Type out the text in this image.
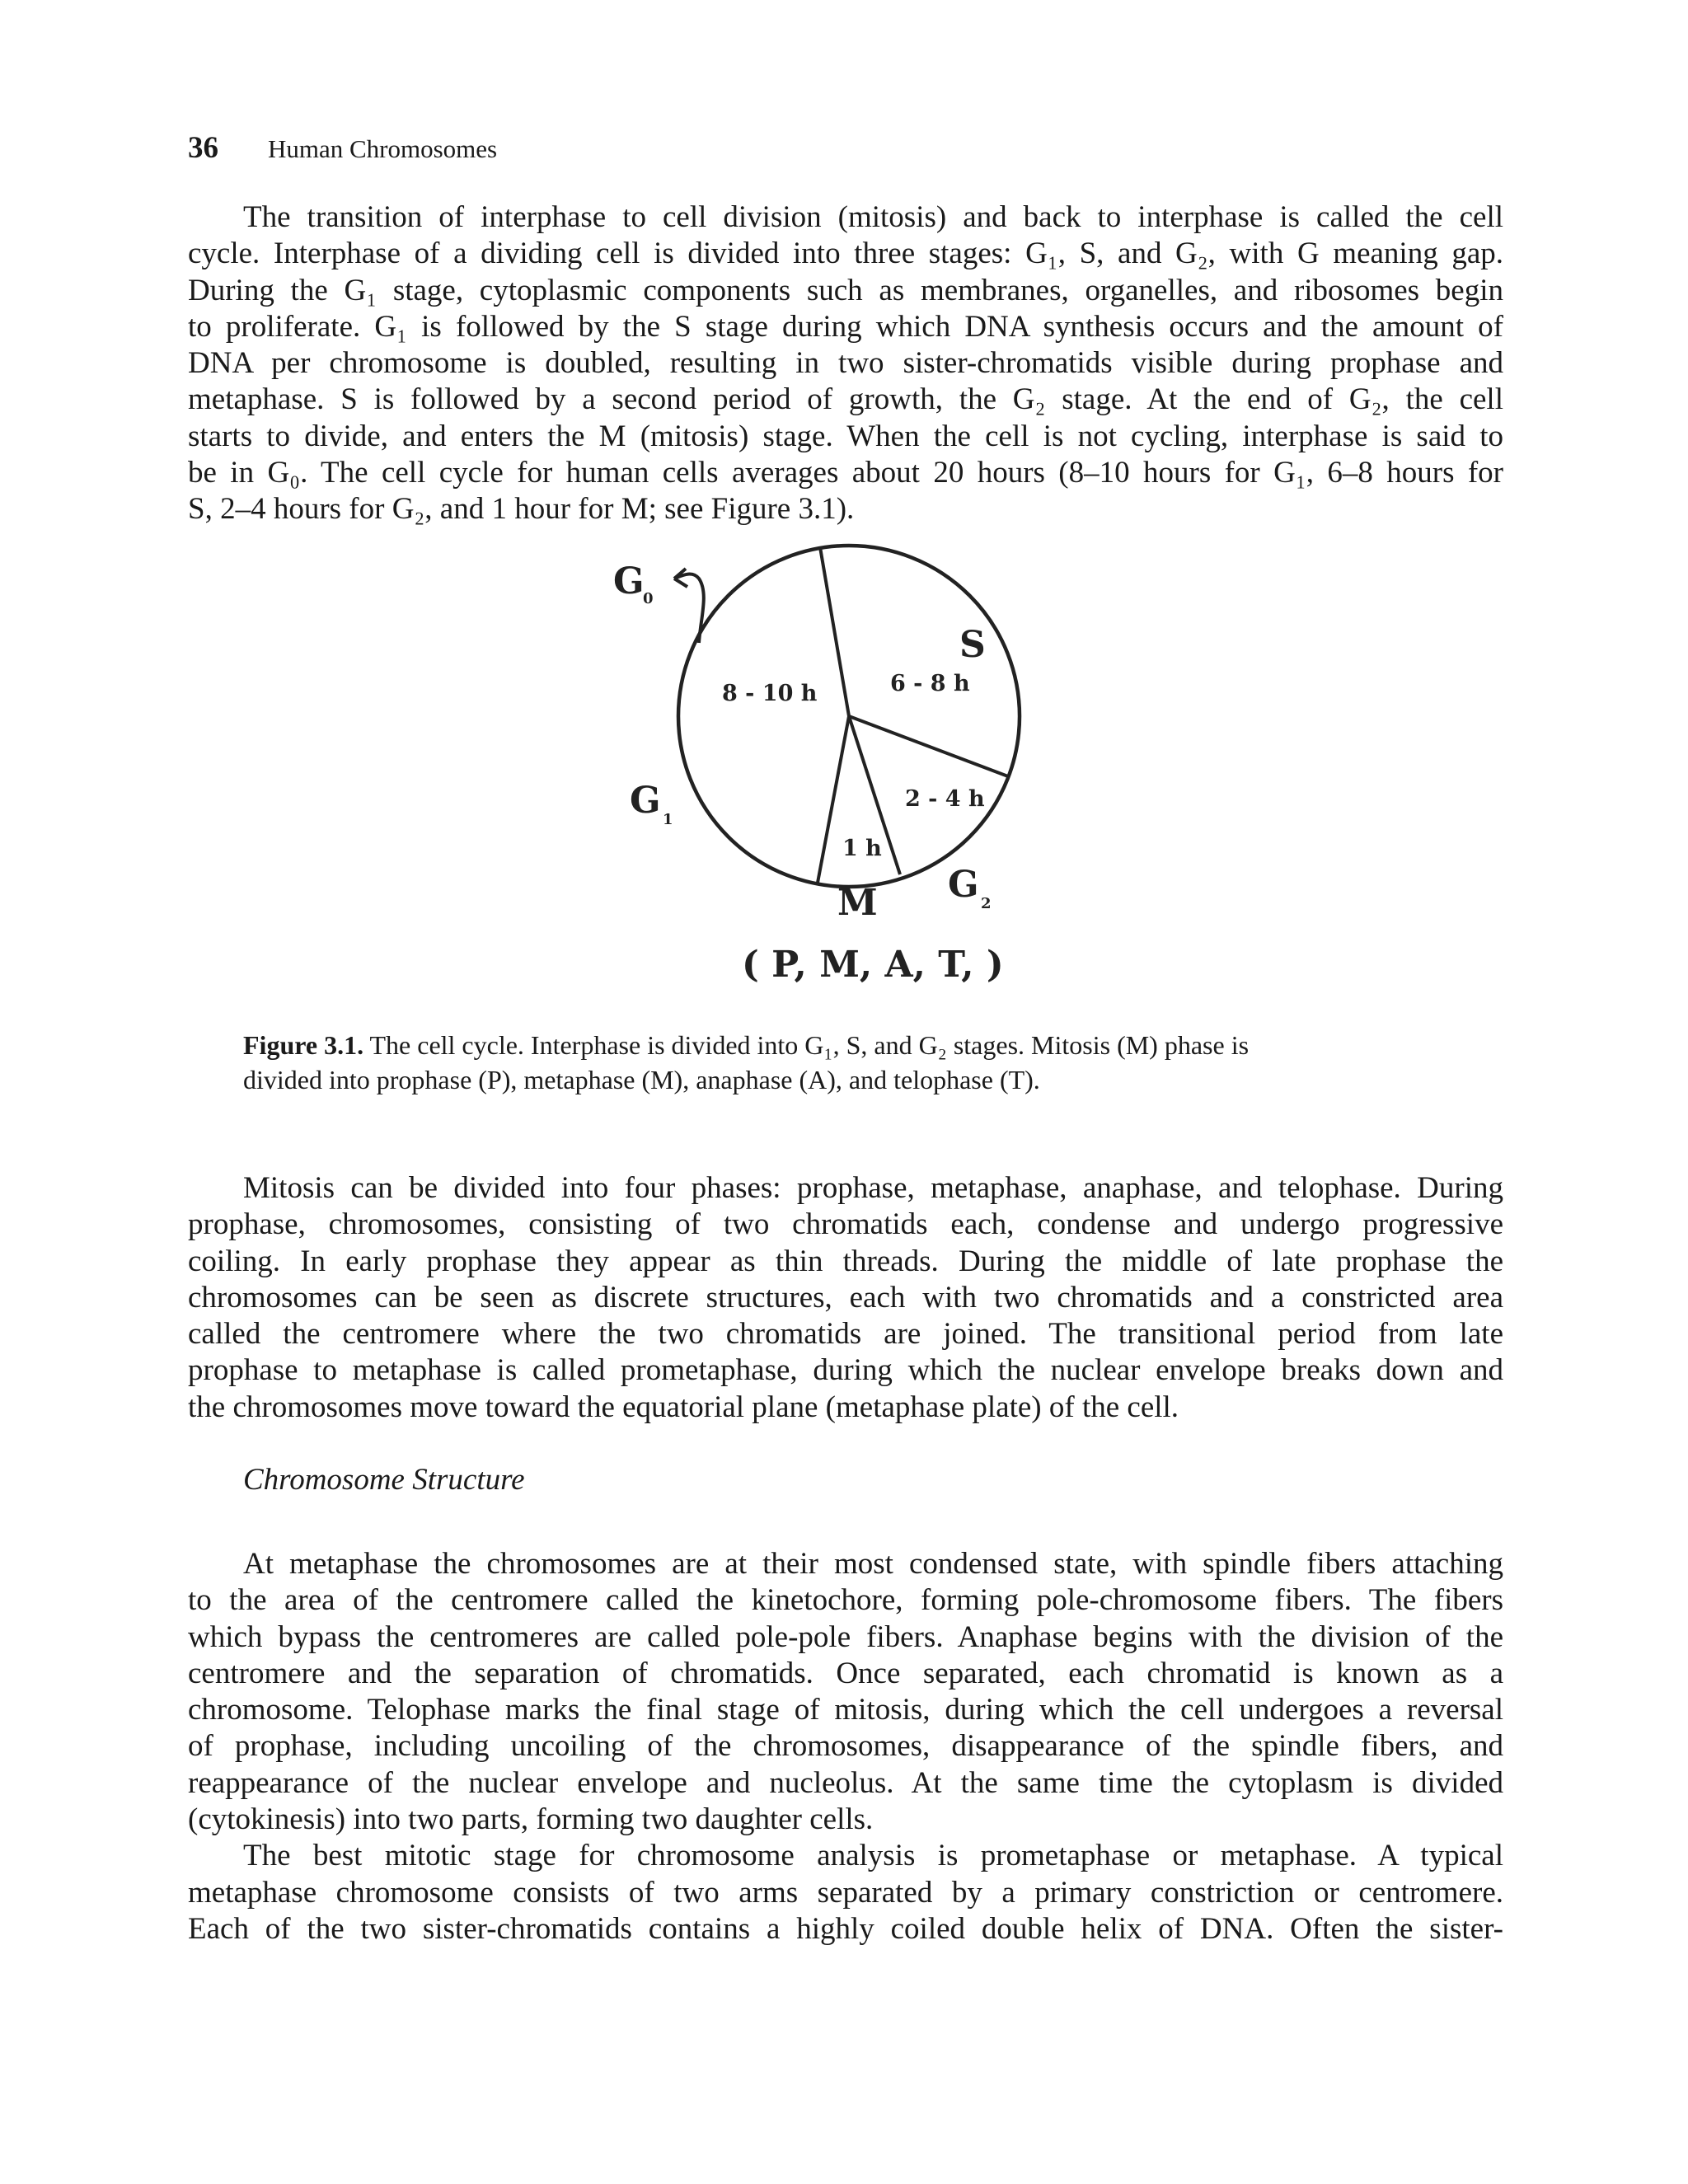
36 Human Chromosomes
The transition of interphase to cell division (mitosis) and back to interphase is called the cell
cycle. Interphase of a dividing cell is divided into three stages: G₁, S, and G₂, with G meaning gap.
During the G₁ stage, cytoplasmic components such as membranes, organelles, and ribosomes begin
to proliferate. G₁ is followed by the S stage during which DNA synthesis occurs and the amount of
DNA per chromosome is doubled, resulting in two sister-chromatids visible during prophase and
metaphase. S is followed by a second period of growth, the G₂ stage. At the end of G₂, the cell
starts to divide, and enters the M (mitosis) stage. When the cell is not cycling, interphase is said to
be in G₀. The cell cycle for human cells averages about 20 hours (8–10 hours for G₁, 6–8 hours for
S, 2–4 hours for G₂, and 1 hour for M; see Figure 3.1).
8 - 10 h	6 - 8 h
2 - 4 h
1 h
G
0
S
G 1
G 2
M
( P, M, A, T, )

Figure 3.1. The cell cycle. Interphase is divided into G₁, S, and G₂ stages. Mitosis (M) phase is
divided into prophase (P), metaphase (M), anaphase (A), and telophase (T).

Mitosis can be divided into four phases: prophase, metaphase, anaphase, and telophase. During
prophase, chromosomes, consisting of two chromatids each, condense and undergo progressive
coiling. In early prophase they appear as thin threads. During the middle of late prophase the
chromosomes can be seen as discrete structures, each with two chromatids and a constricted area
called the centromere where the two chromatids are joined. The transitional period from late
prophase to metaphase is called prometaphase, during which the nuclear envelope breaks down and
the chromosomes move toward the equatorial plane (metaphase plate) of the cell.

Chromosome Structure

At metaphase the chromosomes are at their most condensed state, with spindle fibers attaching
to the area of the centromere called the kinetochore, forming pole-chromosome fibers. The fibers
which bypass the centromeres are called pole-pole fibers. Anaphase begins with the division of the
centromere and the separation of chromatids. Once separated, each chromatid is known as a
chromosome. Telophase marks the final stage of mitosis, during which the cell undergoes a reversal
of prophase, including uncoiling of the chromosomes, disappearance of the spindle fibers, and
reappearance of the nuclear envelope and nucleolus. At the same time the cytoplasm is divided
(cytokinesis) into two parts, forming two daughter cells.
The best mitotic stage for chromosome analysis is prometaphase or metaphase. A typical
metaphase chromosome consists of two arms separated by a primary constriction or centromere.
Each of the two sister-chromatids contains a highly coiled double helix of DNA. Often the sister-
